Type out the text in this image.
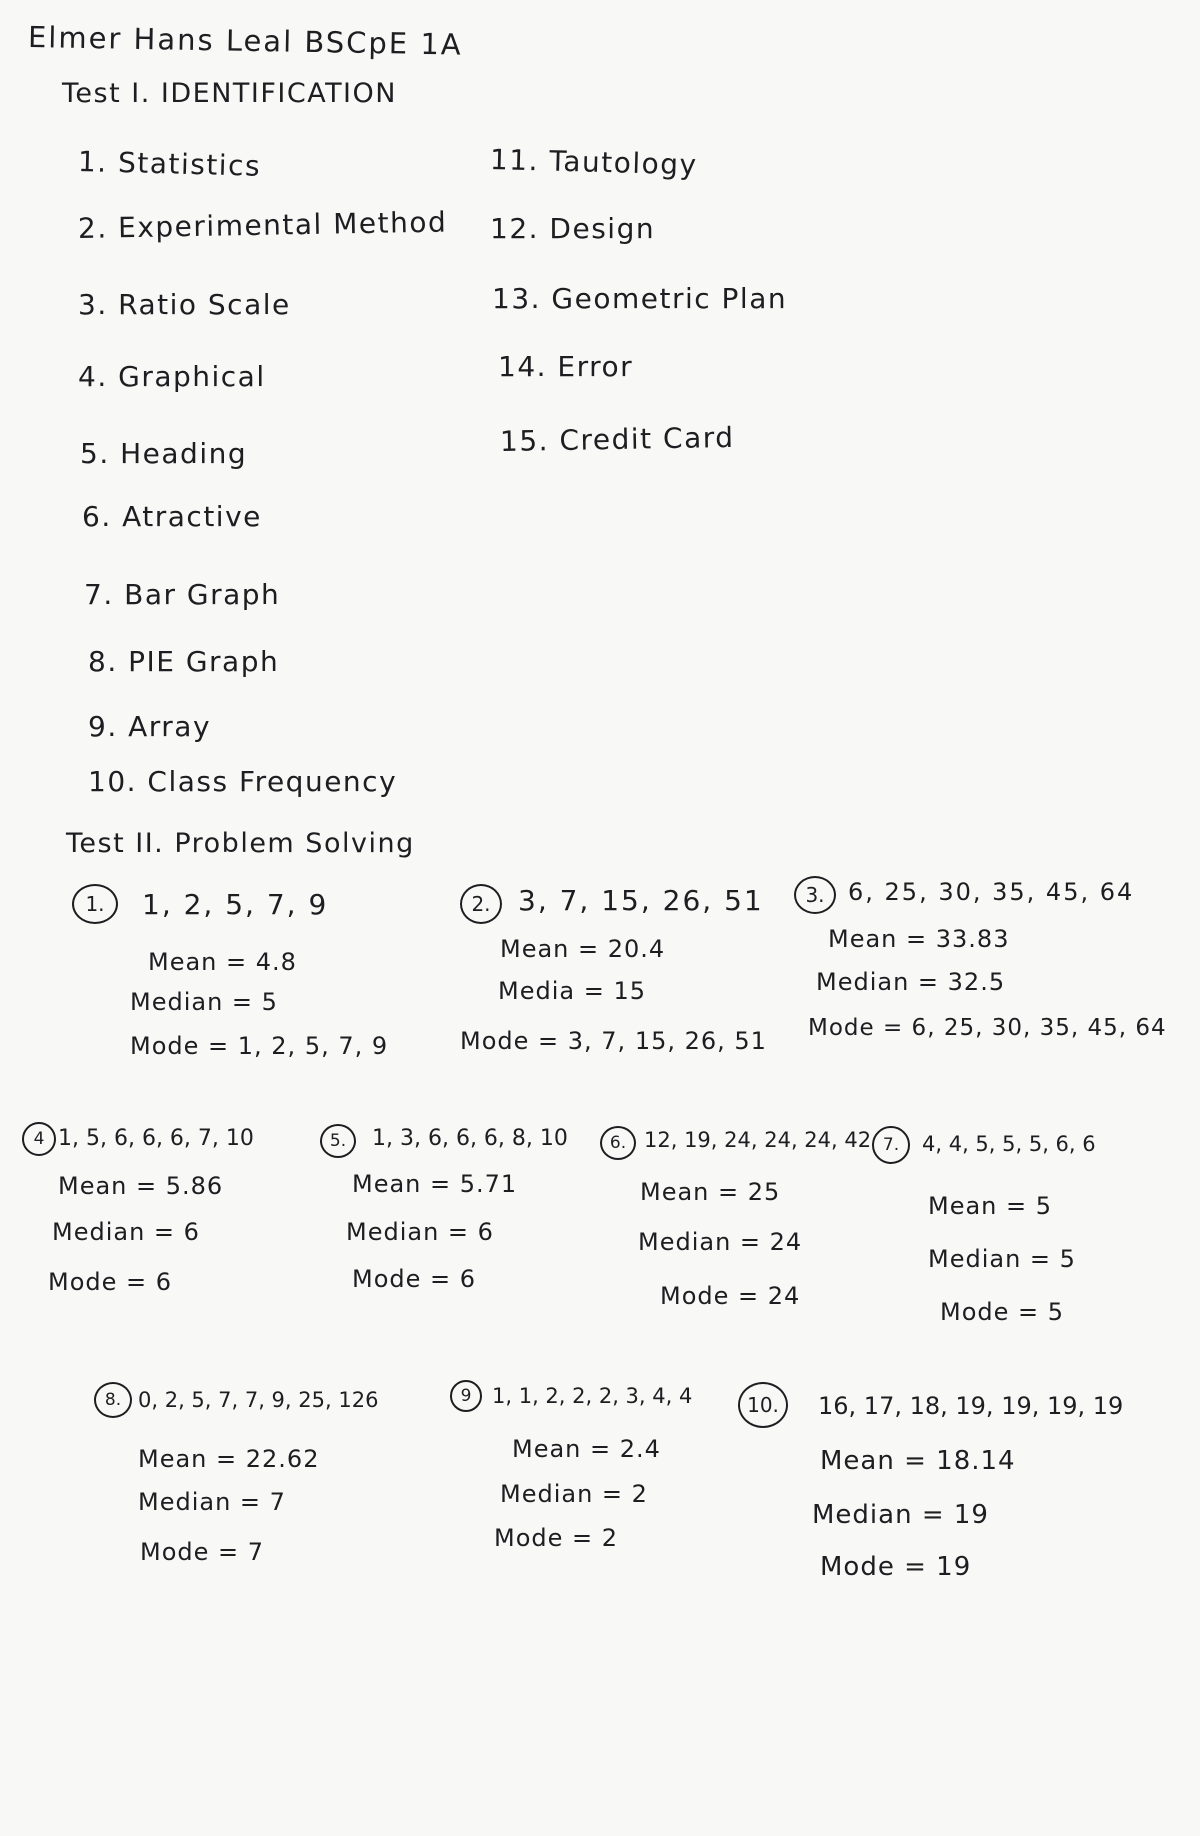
Elmer Hans Leal BSCpE 1A
Test I. IDENTIFICATION
1. Statistics
2. Experimental Method
3. Ratio Scale
4. Graphical
5. Heading
6. Atractive
7. Bar Graph
8. PIE Graph
9. Array
10. Class Frequency
11. Tautology
12. Design
13. Geometric Plan
14. Error
15. Credit Card
Test II. Problem Solving
1.	1, 2, 5, 7, 9
Mean = 4.8
Median = 5
Mode = 1, 2, 5, 7, 9
2. 3, 7, 15, 26, 51
Mean = 20.4
Media = 15
Mode = 3, 7, 15, 26, 51
3. 6, 25, 30, 35, 45, 64
Mean = 33.83
Median = 32.5
Mode = 6, 25, 30, 35, 45, 64
4 1, 5, 6, 6, 6, 7, 10
Mean = 5.86
Median = 6
Mode = 6
5.	1, 3, 6, 6, 6, 8, 10
Mean = 5.71
Median = 6
Mode = 6
6. 12, 19, 24, 24, 24, 42
Mean = 25
Median = 24
Mode = 24
7.	4, 4, 5, 5, 5, 6, 6
Mean = 5
Median = 5
Mode = 5
8. 0, 2, 5, 7, 7, 9, 25, 126
Mean = 22.62
Median = 7
Mode = 7
9 1, 1, 2, 2, 2, 3, 4, 4
Mean = 2.4
Median = 2
Mode = 2
10.	16, 17, 18, 19, 19, 19, 19
Mean = 18.14
Median = 19
Mode = 19
